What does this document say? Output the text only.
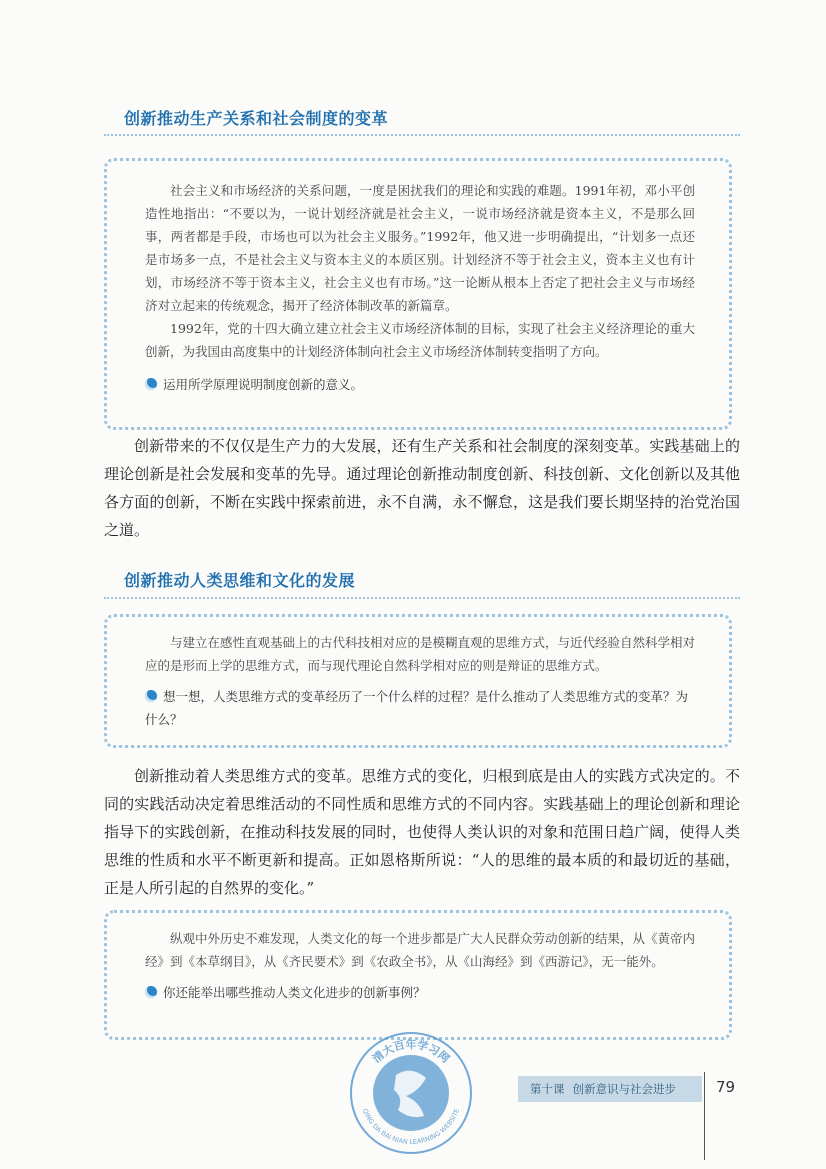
创新推动生产关系和社会制度的变革

社会主义和市场经济的关系问题，一度是困扰我们的理论和实践的难题。1991年初，邓小平创造性地指出：“不要以为，一说计划经济就是社会主义，一说市场经济就是资本主义，不是那么回事，两者都是手段，市场也可以为社会主义服务。”1992年，他又进一步明确提出，“计划多一点还是市场多一点，不是社会主义与资本主义的本质区别。计划经济不等于社会主义，资本主义也有计划，市场经济不等于资本主义，社会主义也有市场。”这一论断从根本上否定了把社会主义与市场经济对立起来的传统观念，揭开了经济体制改革的新篇章。

1992年，党的十四大确立建立社会主义市场经济体制的目标，实现了社会主义经济理论的重大创新，为我国由高度集中的计划经济体制向社会主义市场经济体制转变指明了方向。

运用所学原理说明制度创新的意义。

创新带来的不仅仅是生产力的大发展，还有生产关系和社会制度的深刻变革。实践基础上的理论创新是社会发展和变革的先导。通过理论创新推动制度创新、科技创新、文化创新以及其他各方面的创新，不断在实践中探索前进，永不自满，永不懈怠，这是我们要长期坚持的治党治国之道。

创新推动人类思维和文化的发展

与建立在感性直观基础上的古代科技相对应的是模糊直观的思维方式，与近代经验自然科学相对应的是形而上学的思维方式，而与现代理论自然科学相对应的则是辩证的思维方式。

想一想，人类思维方式的变革经历了一个什么样的过程？是什么推动了人类思维方式的变革？为什么？

创新推动着人类思维方式的变革。思维方式的变化，归根到底是由人的实践方式决定的。不同的实践活动决定着思维活动的不同性质和思维方式的不同内容。实践基础上的理论创新和理论指导下的实践创新，在推动科技发展的同时，也使得人类认识的对象和范围日趋广阔，使得人类思维的性质和水平不断更新和提高。正如恩格斯所说：“人的思维的最本质的和最切近的基础，正是人所引起的自然界的变化。”

纵观中外历史不难发现，人类文化的每一个进步都是广大人民群众劳动创新的结果，从《黄帝内经》到《本草纲目》，从《齐民要术》到《农政全书》，从《山海经》到《西游记》，无一能外。

你还能举出哪些推动人类文化进步的创新事例？
清大百年学习网
QING DA BAI NIAN LEARNING WEBSITE
第十课 创新意识与社会进步	79
